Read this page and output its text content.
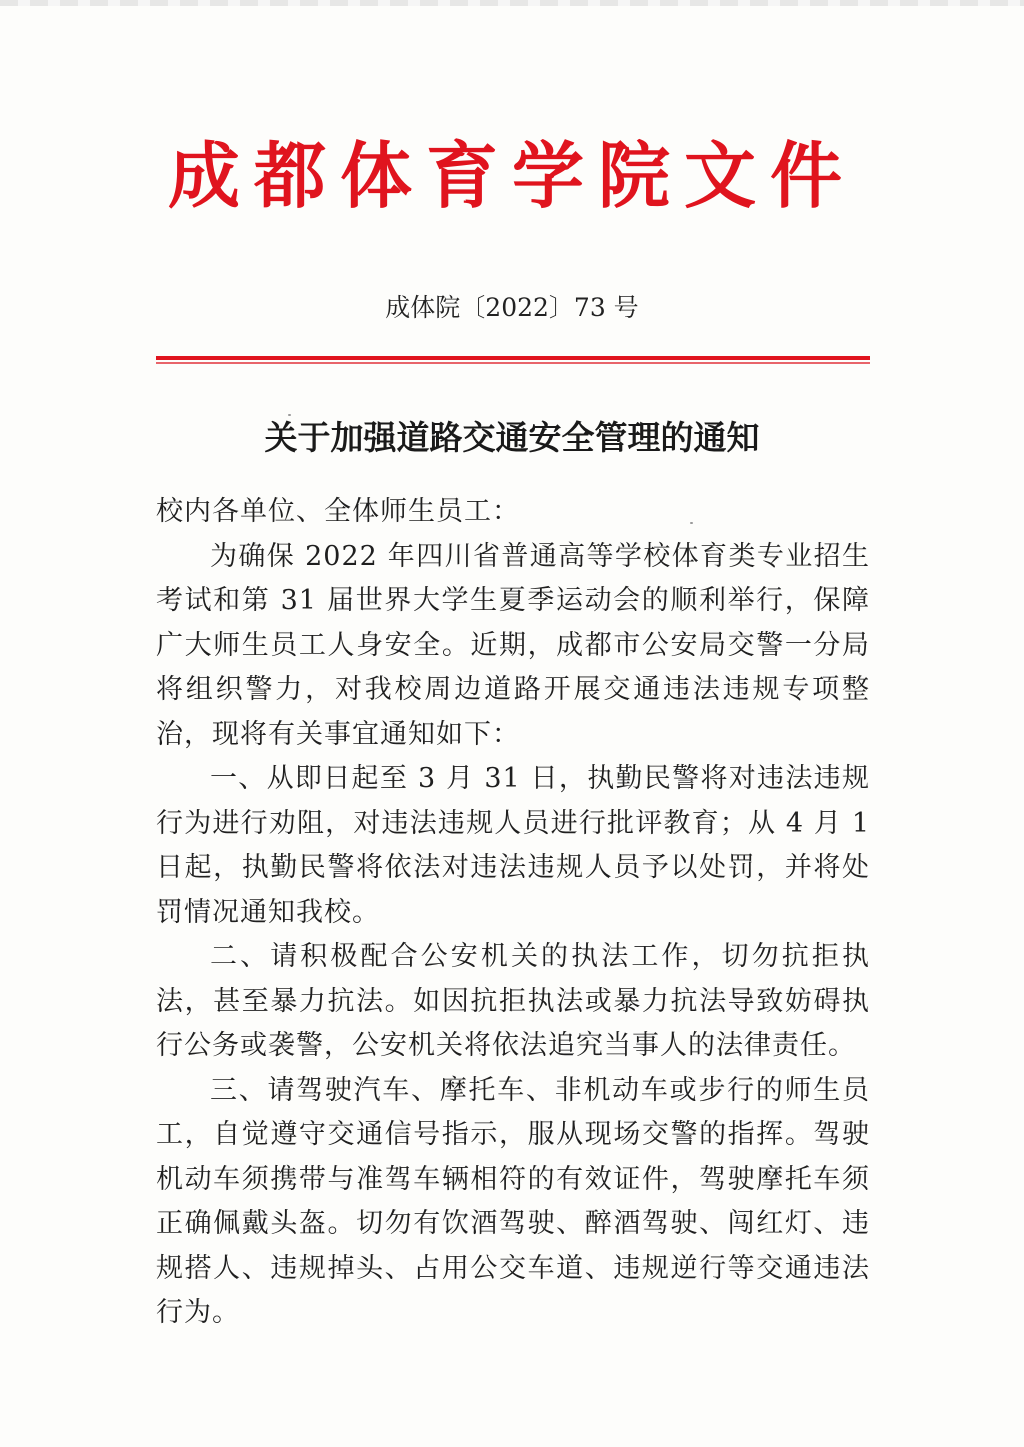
成都体育学院文件
成体院〔2022〕73 号
关于加强道路交通安全管理的通知

校内各单位、全体师生员工：

为确保 2022 年四川省普通高等学校体育类专业招生考试和第 31 届世界大学生夏季运动会的顺利举行，保障广大师生员工人身安全。近期，成都市公安局交警一分局将组织警力，对我校周边道路开展交通违法违规专项整治，现将有关事宜通知如下：

一、从即日起至 3 月 31 日，执勤民警将对违法违规行为进行劝阻，对违法违规人员进行批评教育；从 4 月 1 日起，执勤民警将依法对违法违规人员予以处罚，并将处罚情况通知我校。

二、请积极配合公安机关的执法工作，切勿抗拒执法，甚至暴力抗法。如因抗拒执法或暴力抗法导致妨碍执行公务或袭警，公安机关将依法追究当事人的法律责任。

三、请驾驶汽车、摩托车、非机动车或步行的师生员工，自觉遵守交通信号指示，服从现场交警的指挥。驾驶机动车须携带与准驾车辆相符的有效证件，驾驶摩托车须正确佩戴头盔。切勿有饮酒驾驶、醉酒驾驶、闯红灯、违规搭人、违规掉头、占用公交车道、违规逆行等交通违法行为。
